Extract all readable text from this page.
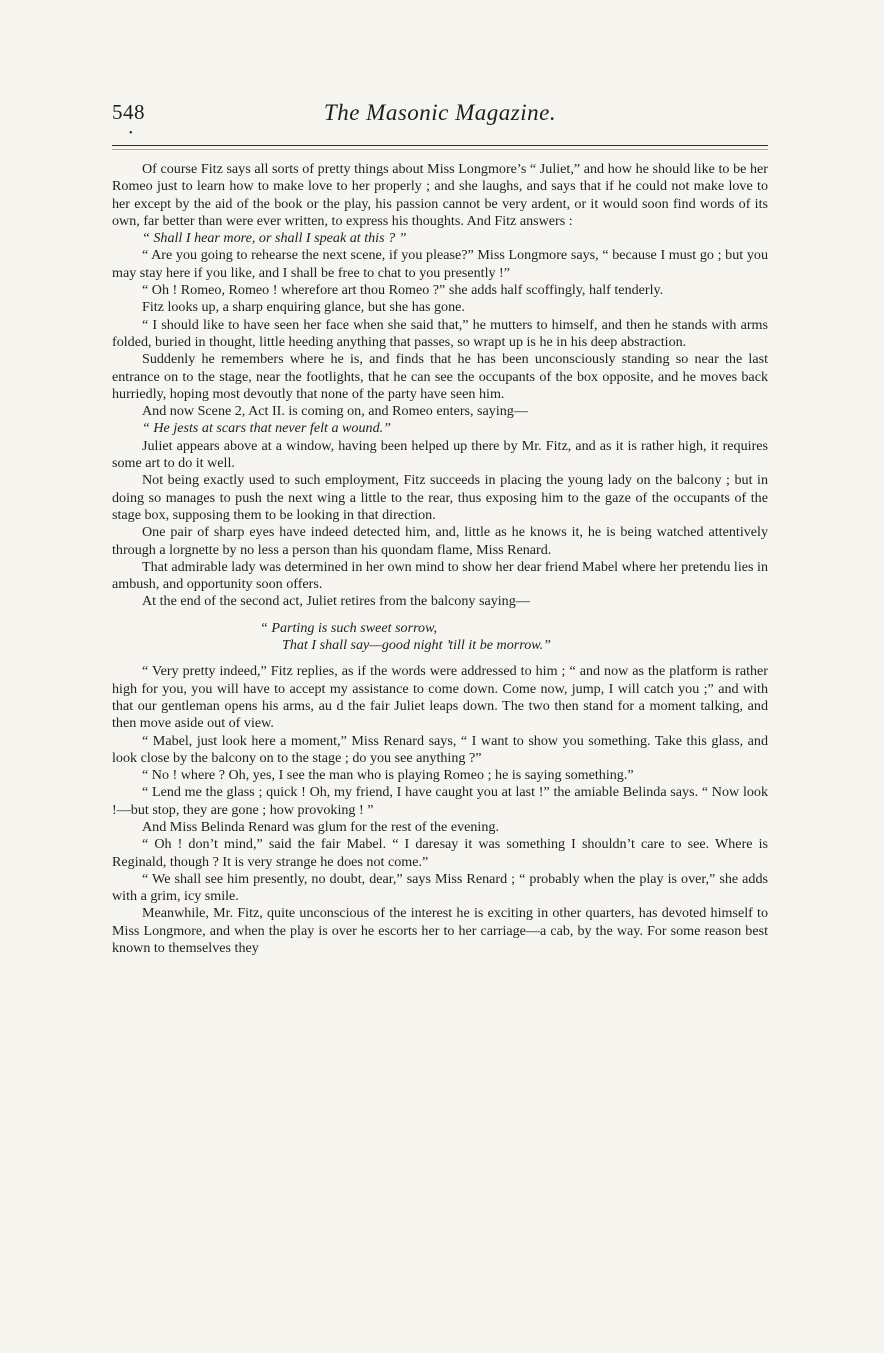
548	The Masonic Magazine.
•

Of course Fitz says all sorts of pretty things about Miss Longmore’s “ Juliet,” and how he should like to be her Romeo just to learn how to make love to her properly ; and she laughs, and says that if he could not make love to her except by the aid of the book or the play, his passion cannot be very ardent, or it would soon find words of its own, far better than were ever written, to express his thoughts. And Fitz answers :

“ Shall I hear more, or shall I speak at this ? ”

“ Are you going to rehearse the next scene, if you please?” Miss Longmore says, “ because I must go ; but you may stay here if you like, and I shall be free to chat to you presently !”

“ Oh ! Romeo, Romeo ! wherefore art thou Romeo ?” she adds half scoffingly, half tenderly.

Fitz looks up, a sharp enquiring glance, but she has gone.

“ I should like to have seen her face when she said that,” he mutters to himself, and then he stands with arms folded, buried in thought, little heeding anything that passes, so wrapt up is he in his deep abstraction.

Suddenly he remembers where he is, and finds that he has been unconsciously standing so near the last entrance on to the stage, near the footlights, that he can see the occupants of the box opposite, and he moves back hurriedly, hoping most devoutly that none of the party have seen him.

And now Scene 2, Act II. is coming on, and Romeo enters, saying—

“ He jests at scars that never felt a wound.”

Juliet appears above at a window, having been helped up there by Mr. Fitz, and as it is rather high, it requires some art to do it well.

Not being exactly used to such employment, Fitz succeeds in placing the young lady on the balcony ; but in doing so manages to push the next wing a little to the rear, thus exposing him to the gaze of the occupants of the stage box, supposing them to be looking in that direction.

One pair of sharp eyes have indeed detected him, and, little as he knows it, he is being watched attentively through a lorgnette by no less a person than his quondam flame, Miss Renard.

That admirable lady was determined in her own mind to show her dear friend Mabel where her pretendu lies in ambush, and opportunity soon offers.

At the end of the second act, Juliet retires from the balcony saying—

“ Parting is such sweet sorrow,
That I shall say—good night ’till it be morrow.”

“ Very pretty indeed,” Fitz replies, as if the words were addressed to him ; “ and now as the platform is rather high for you, you will have to accept my assistance to come down. Come now, jump, I will catch you ;” and with that our gentleman opens his arms, au d the fair Juliet leaps down. The two then stand for a moment talking, and then move aside out of view.

“ Mabel, just look here a moment,” Miss Renard says, “ I want to show you something. Take this glass, and look close by the balcony on to the stage ; do you see anything ?”

“ No ! where ? Oh, yes, I see the man who is playing Romeo ; he is saying something.”

“ Lend me the glass ; quick ! Oh, my friend, I have caught you at last !” the amiable Belinda says. “ Now look !—but stop, they are gone ; how provoking ! ”

And Miss Belinda Renard was glum for the rest of the evening.

“ Oh ! don’t mind,” said the fair Mabel. “ I daresay it was something I shouldn’t care to see. Where is Reginald, though ? It is very strange he does not come.”

“ We shall see him presently, no doubt, dear,” says Miss Renard ; “ probably when the play is over,” she adds with a grim, icy smile.

Meanwhile, Mr. Fitz, quite unconscious of the interest he is exciting in other quarters, has devoted himself to Miss Longmore, and when the play is over he escorts her to her carriage—a cab, by the way. For some reason best known to themselves they
